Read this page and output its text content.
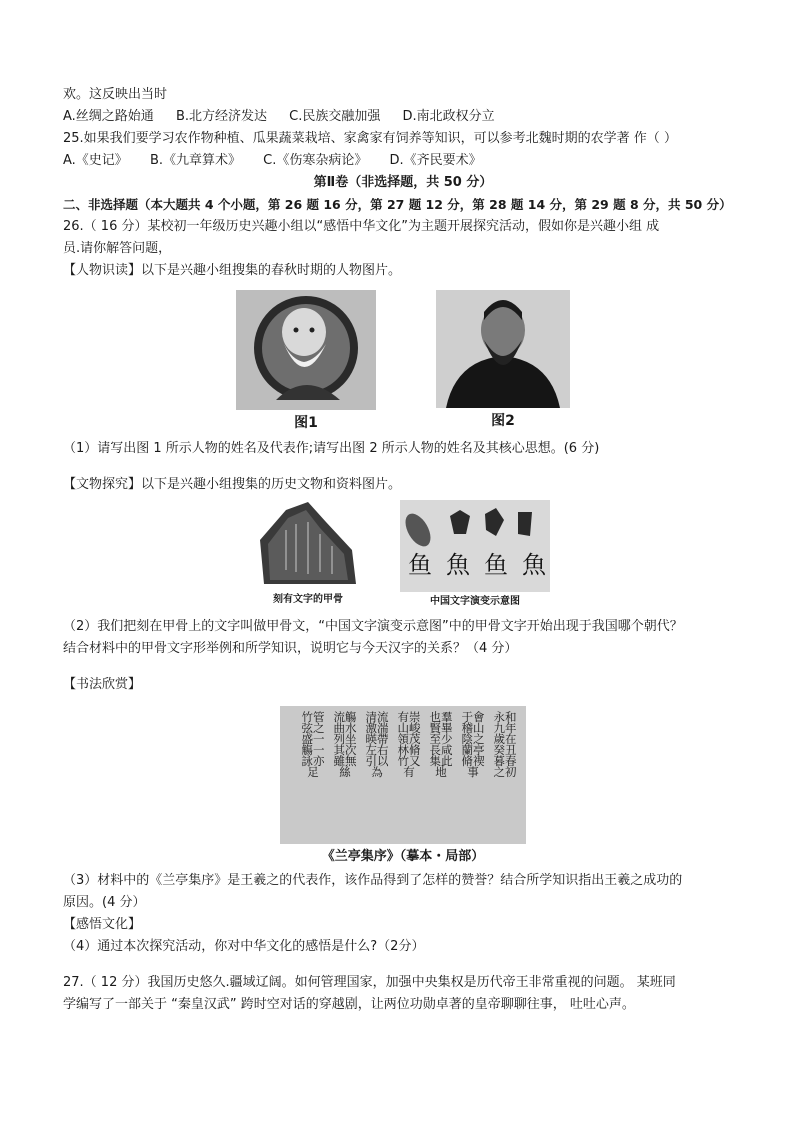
欢。这反映出当时
A.丝绸之路始通 B.北方经济发达 C.民族交融加强 D.南北政权分立
25.如果我们要学习农作物种植、瓜果蔬菜栽培、家禽家有饲养等知识，可以参考北魏时期的农学著 作（ ）
A.《史记》 B.《九章算术》 C.《伤寒杂病论》 D.《齐民要术》
第Ⅱ卷（非选择题，共 50 分）
二、非选择题（本大题共 4 个小题，第 26 题 16 分，第 27 题 12 分，第 28 题 14 分，第 29 题 8 分，共 50 分）
26.（ 16 分）某校初一年级历史兴趣小组以“感悟中华文化”为主题开展探究活动，假如你是兴趣小组 成
员.请你解答问题，
【人物识读】以下是兴趣小组搜集的春秋时期的人物图片。
图1	图2
（1）请写出图 1 所示人物的姓名及代表作;请写出图 2 所示人物的姓名及其核心思想。(6 分)
【文物探究】以下是兴趣小组搜集的历史文物和资料图片。
刻有文字的甲骨
鱼 魚 鱼 魚
中国文字演变示意图
（2）我们把刻在甲骨上的文字叫做甲骨文，“中国文字演变示意图”中的甲骨文字开始出现于我国哪个朝代？
结合材料中的甲骨文字形举例和所学知识，说明它与今天汉字的关系？（4 分）
【书法欣赏】
永和九年歲在癸丑暮春之初
于會稽山陰之蘭亭脩禊事
也羣賢畢至少長咸集此地
有崇山峻領茂林脩竹又有
清流激湍暎帶左右引以為
流觴曲水列坐其次雖無絲
竹管弦之盛一觴一詠亦足
《兰亭集序》（摹本・局部）
（3）材料中的《兰亭集序》是王羲之的代表作，该作品得到了怎样的赞誉？结合所学知识指出王羲之成功的
原因。(4 分）
【感悟文化】
（4）通过本次探究活动，你对中华文化的感悟是什么?（2分）
27.（ 12 分）我国历史悠久.疆域辽阔。如何管理国家，加强中央集权是历代帝王非常重视的问题。 某班同
学编写了一部关于 “秦皇汉武” 跨时空对话的穿越剧，让两位功勋卓著的皇帝聊聊往事， 吐吐心声。
